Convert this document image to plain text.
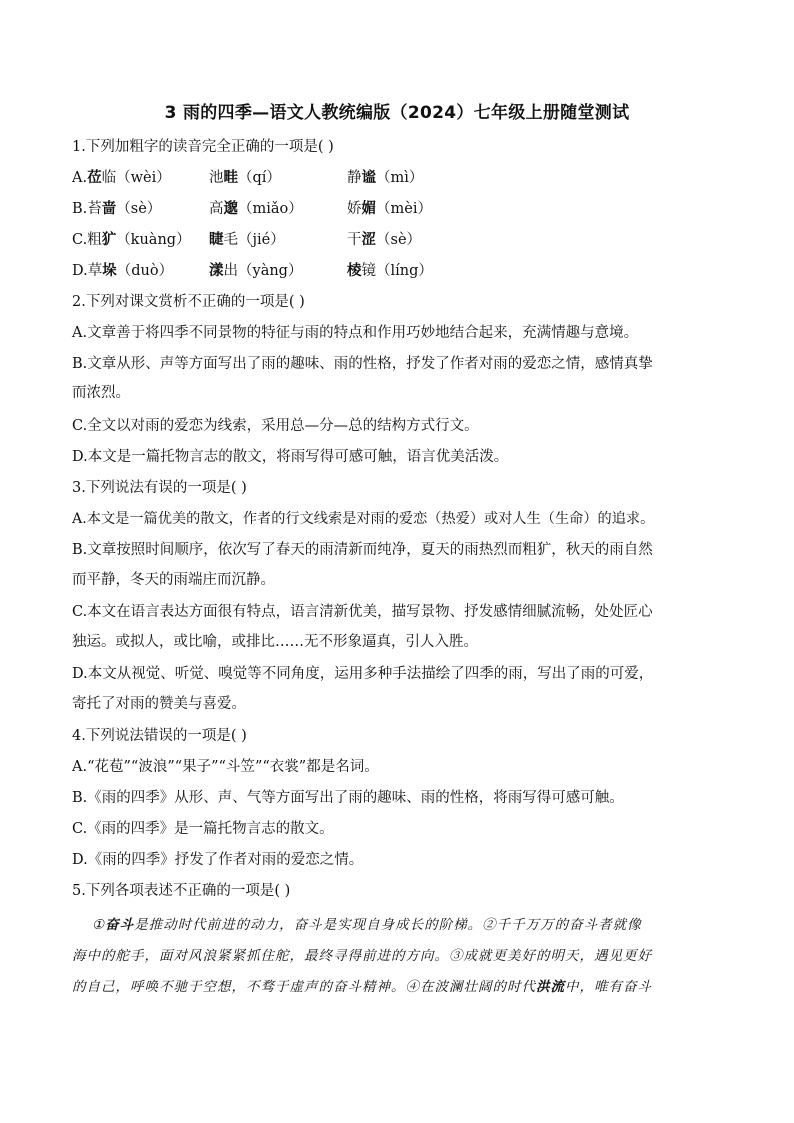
3 雨的四季—语文人教统编版（2024）七年级上册随堂测试
1.下列加粗字的读音完全正确的一项是( )
A.莅临（wèi）	池畦（qí）	静谧（mì）
B.苔啬（sè）	高邈（miǎo）	娇媚（mèi）
C.粗犷（kuàng） 睫毛（jié）	干涩（sè）
D.草垛（duò） 漾出（yàng）	棱镜（líng）
2.下列对课文赏析不正确的一项是( )
A.文章善于将四季不同景物的特征与雨的特点和作用巧妙地结合起来，充满情趣与意境。
B.文章从形、声等方面写出了雨的趣味、雨的性格，抒发了作者对雨的爱恋之情，感情真挚
而浓烈。
C.全文以对雨的爱恋为线索，采用总—分—总的结构方式行文。
D.本文是一篇托物言志的散文，将雨写得可感可触，语言优美活泼。
3.下列说法有误的一项是( )
A.本文是一篇优美的散文，作者的行文线索是对雨的爱恋（热爱）或对人生（生命）的追求。
B.文章按照时间顺序，依次写了春天的雨清新而纯净，夏天的雨热烈而粗犷，秋天的雨自然
而平静，冬天的雨端庄而沉静。
C.本文在语言表达方面很有特点，语言清新优美，描写景物、抒发感情细腻流畅，处处匠心
独运。或拟人，或比喻，或排比……无不形象逼真，引人入胜。
D.本文从视觉、听觉、嗅觉等不同角度，运用多种手法描绘了四季的雨，写出了雨的可爱，
寄托了对雨的赞美与喜爱。
4.下列说法错误的一项是( )
A.“花苞”“波浪”“果子”“斗笠”“衣裳”都是名词。
B.《雨的四季》从形、声、气等方面写出了雨的趣味、雨的性格，将雨写得可感可触。
C.《雨的四季》是一篇托物言志的散文。
D.《雨的四季》抒发了作者对雨的爱恋之情。
5.下列各项表述不正确的一项是( )
①奋斗是推动时代前进的动力，奋斗是实现自身成长的阶梯。②千千万万的奋斗者就像
海中的舵手，面对风浪紧紧抓住舵，最终寻得前进的方向。③成就更美好的明天，遇见更好
的自己，呼唤不驰于空想，不骛于虚声的奋斗精神。④在波澜壮阔的时代洪流中，唯有奋斗
